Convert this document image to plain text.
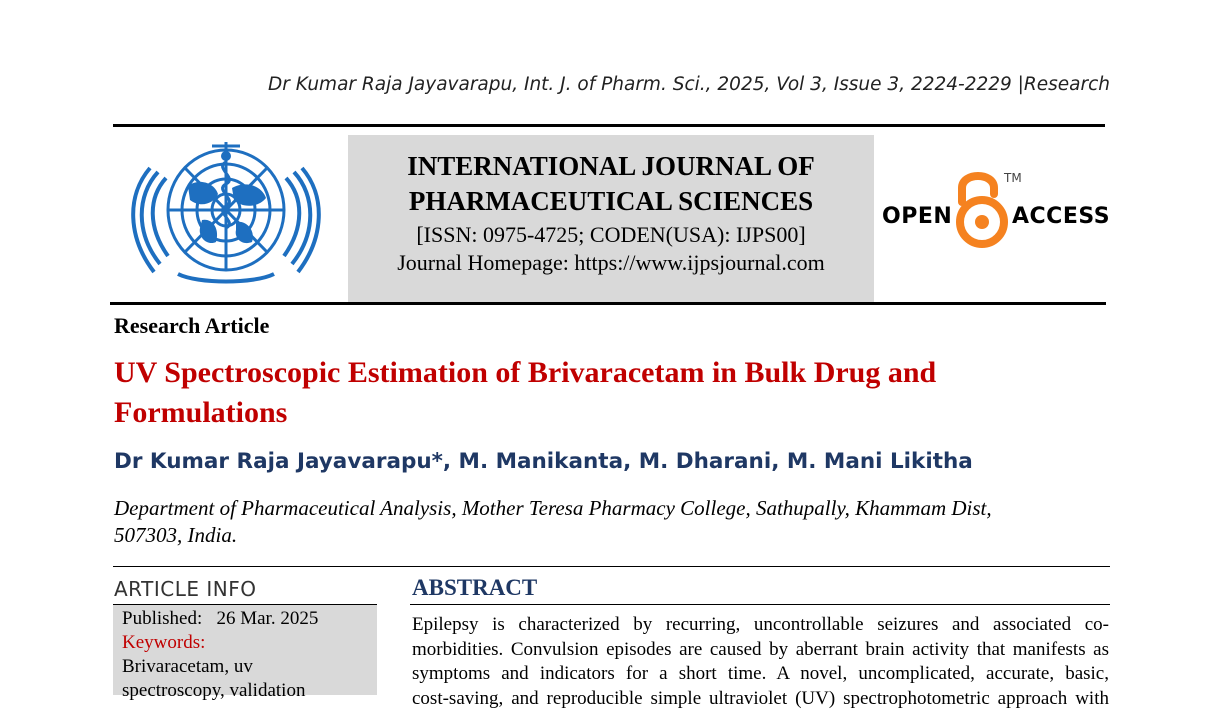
Dr Kumar Raja Jayavarapu, Int. J. of Pharm. Sci., 2025, Vol 3, Issue 3, 2224-2229 |Research
INTERNATIONAL JOURNAL OF
PHARMACEUTICAL SCIENCES
[ISSN: 0975-4725; CODEN(USA): IJPS00]
Journal Homepage: https://www.ijpsjournal.com
OPEN	ACCESS
TM
Research Article
UV Spectroscopic Estimation of Brivaracetam in Bulk Drug and
Formulations
Dr Kumar Raja Jayavarapu*, M. Manikanta, M. Dharani, M. Mani Likitha
Department of Pharmaceutical Analysis, Mother Teresa Pharmacy College, Sathupally, Khammam Dist,
507303, India.
ARTICLE INFO
Published: 26 Mar. 2025
Keywords:
Brivaracetam, uv
spectroscopy, validation
ABSTRACT
Epilepsy is characterized by recurring, uncontrollable seizures and associated co-
morbidities. Convulsion episodes are caused by aberrant brain activity that manifests as
symptoms and indicators for a short time. A novel, uncomplicated, accurate, basic,
cost-saving, and reproducible simple ultraviolet (UV) spectrophotometric approach with
